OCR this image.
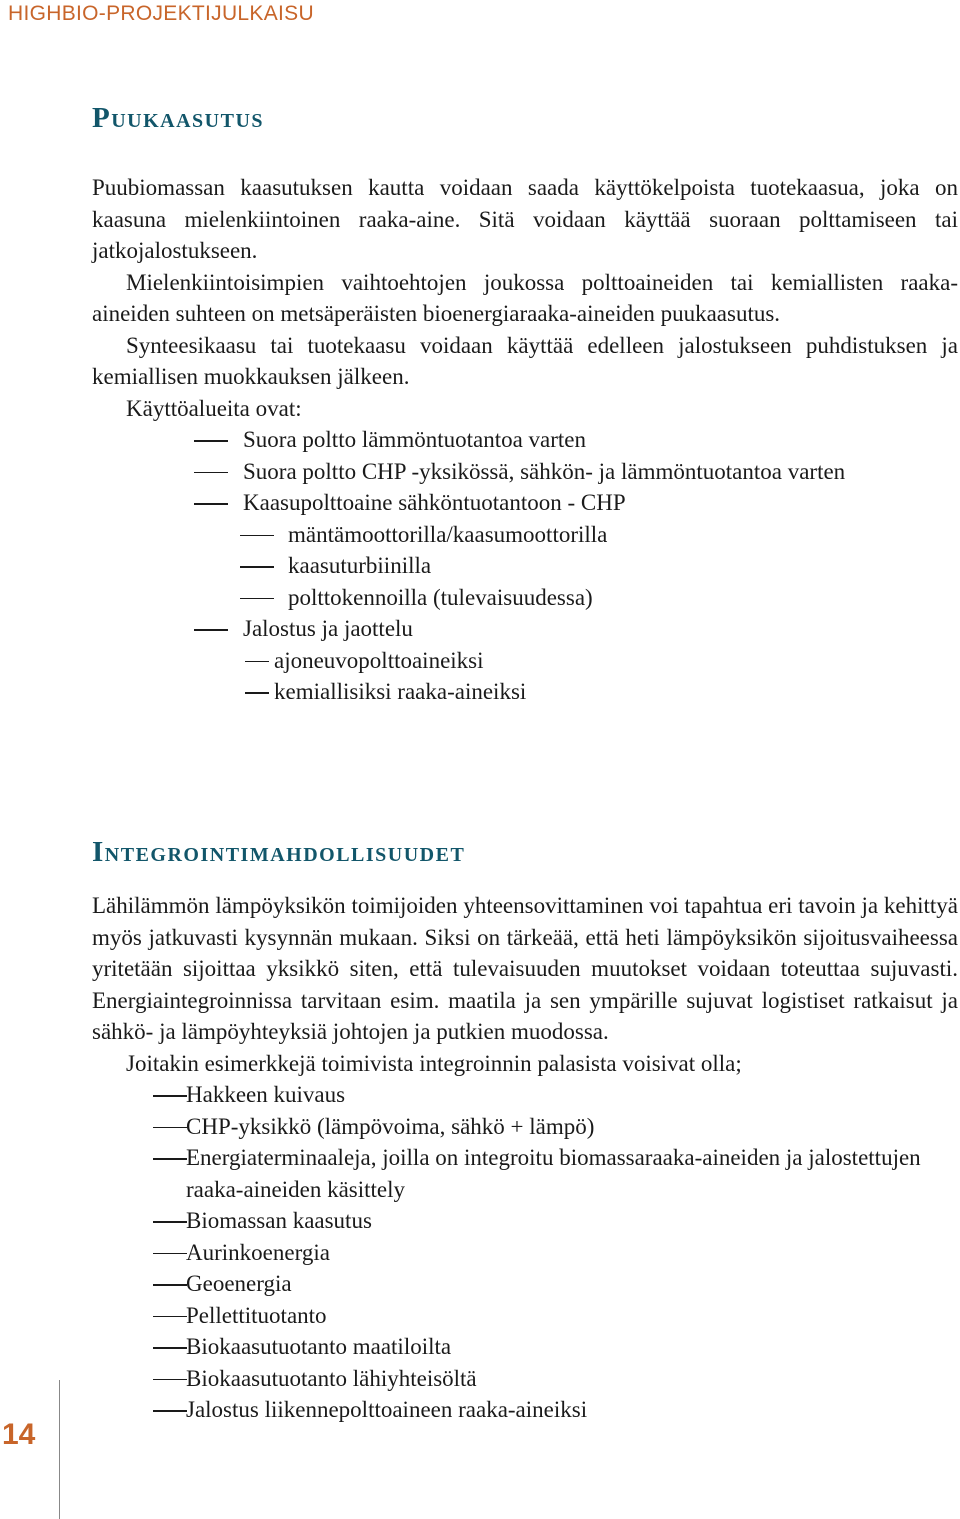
HIGHBIO-PROJEKTIJULKAISU
Puukaasutus

Puubiomassan kaasutuksen kautta voidaan saada käyttökelpoista tuotekaasua, joka on kaasuna mielenkiintoinen raaka-aine. Sitä voidaan käyttää suoraan polttamiseen tai jatkojalostukseen.

Mielenkiintoisimpien vaihtoehtojen joukossa polttoaineiden tai kemiallisten raaka-aineiden suhteen on metsäperäisten bioenergiaraaka-aineiden puukaasutus.

Synteesikaasu tai tuotekaasu voidaan käyttää edelleen jalostukseen puhdistuksen ja kemiallisen muokkauksen jälkeen.

Käyttöalueita ovat:

Suora poltto lämmöntuotantoa varten
Suora poltto CHP -yksikössä, sähkön- ja lämmöntuotantoa varten
Kaasupolttoaine sähköntuotantoon - CHP
mäntämoottorilla/kaasumoottorilla
kaasuturbiinilla
polttokennoilla (tulevaisuudessa)
Jalostus ja jaottelu
ajoneuvopolttoaineiksi
kemiallisiksi raaka-aineiksi
Integrointimahdollisuudet

Lähilämmön lämpöyksikön toimijoiden yhteensovittaminen voi tapahtua eri tavoin ja kehittyä myös jatkuvasti kysynnän mukaan. Siksi on tärkeää, että heti lämpöyksikön sijoitusvaiheessa yritetään sijoittaa yksikkö siten, että tulevaisuuden muutokset voidaan toteuttaa sujuvasti. Energiaintegroinnissa tarvitaan esim. maatila ja sen ympärille sujuvat logistiset ratkaisut ja sähkö- ja lämpöyhteyksiä johtojen ja putkien muodossa.

Joitakin esimerkkejä toimivista integroinnin palasista voisivat olla;

Hakkeen kuivaus
CHP-yksikkö (lämpövoima, sähkö + lämpö)
Energiaterminaaleja, joilla on integroitu biomassaraaka-aineiden ja jalostettujen raaka-aineiden käsittely
Biomassan kaasutus
Aurinkoenergia
Geoenergia
Pellettituotanto
Biokaasutuotanto maatiloilta
Biokaasutuotanto lähiyhteisöltä
Jalostus liikennepolttoaineen raaka-aineiksi
14
